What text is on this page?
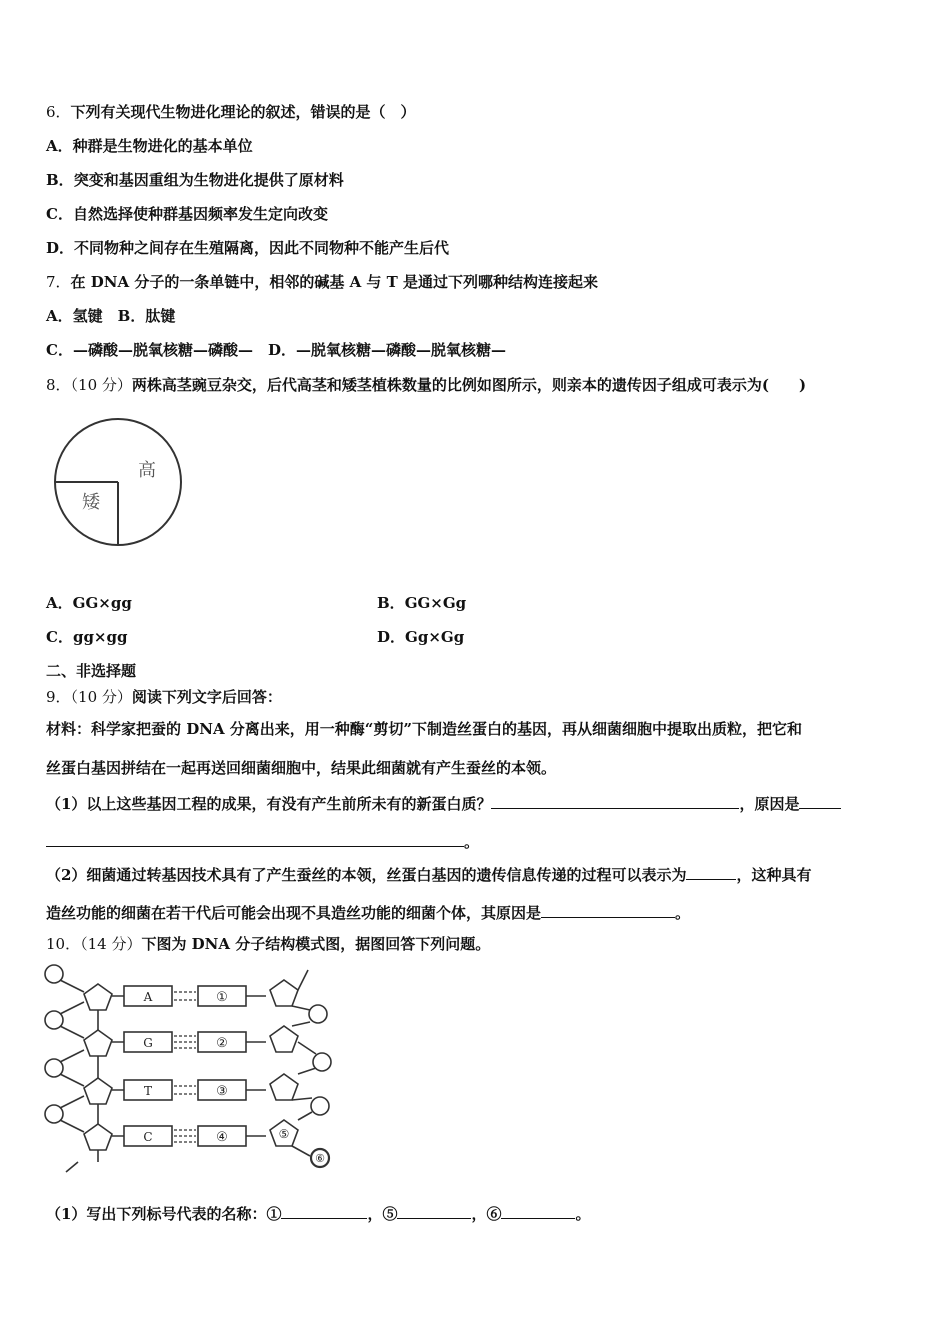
6．下列有关现代生物进化理论的叙述，错误的是（　）
A．种群是生物进化的基本单位
B．突变和基因重组为生物进化提供了原材料
C．自然选择使种群基因频率发生定向改变
D．不同物种之间存在生殖隔离，因此不同物种不能产生后代
7．在 DNA 分子的一条单链中，相邻的碱基 A 与 T 是通过下列哪种结构连接起来
A．氢键　B．肽键
C．—磷酸—脱氧核糖—磷酸—　D．—脱氧核糖—磷酸—脱氧核糖—
8．（10 分）两株高茎豌豆杂交，后代高茎和矮茎植株数量的比例如图所示，则亲本的遗传因子组成可表示为(　　)
高
矮
A．GG×gg	B．GG×Gg
C．gg×gg	D．Gg×Gg
二、非选择题
9．（10 分）阅读下列文字后回答：
材料：科学家把蚕的 DNA 分离出来，用一种酶“剪切”下制造丝蛋白的基因，再从细菌细胞中提取出质粒，把它和
丝蛋白基因拼结在一起再送回细菌细胞中，结果此细菌就有产生蚕丝的本领。
（1）以上这些基因工程的成果，有没有产生前所未有的新蛋白质？	，原因是
。
（2）细菌通过转基因技术具有了产生蚕丝的本领，丝蛋白基因的遗传信息传递的过程可以表示为	，这种具有
造丝功能的细菌在若干代后可能会出现不具造丝功能的细菌个体，其原因是	。
10．（14 分）下图为 DNA 分子结构模式图，据图回答下列问题。
A
G
T
C
①
②
③
④	⑤
⑥
（1）写出下列标号代表的名称：①	，⑤	，⑥	。
